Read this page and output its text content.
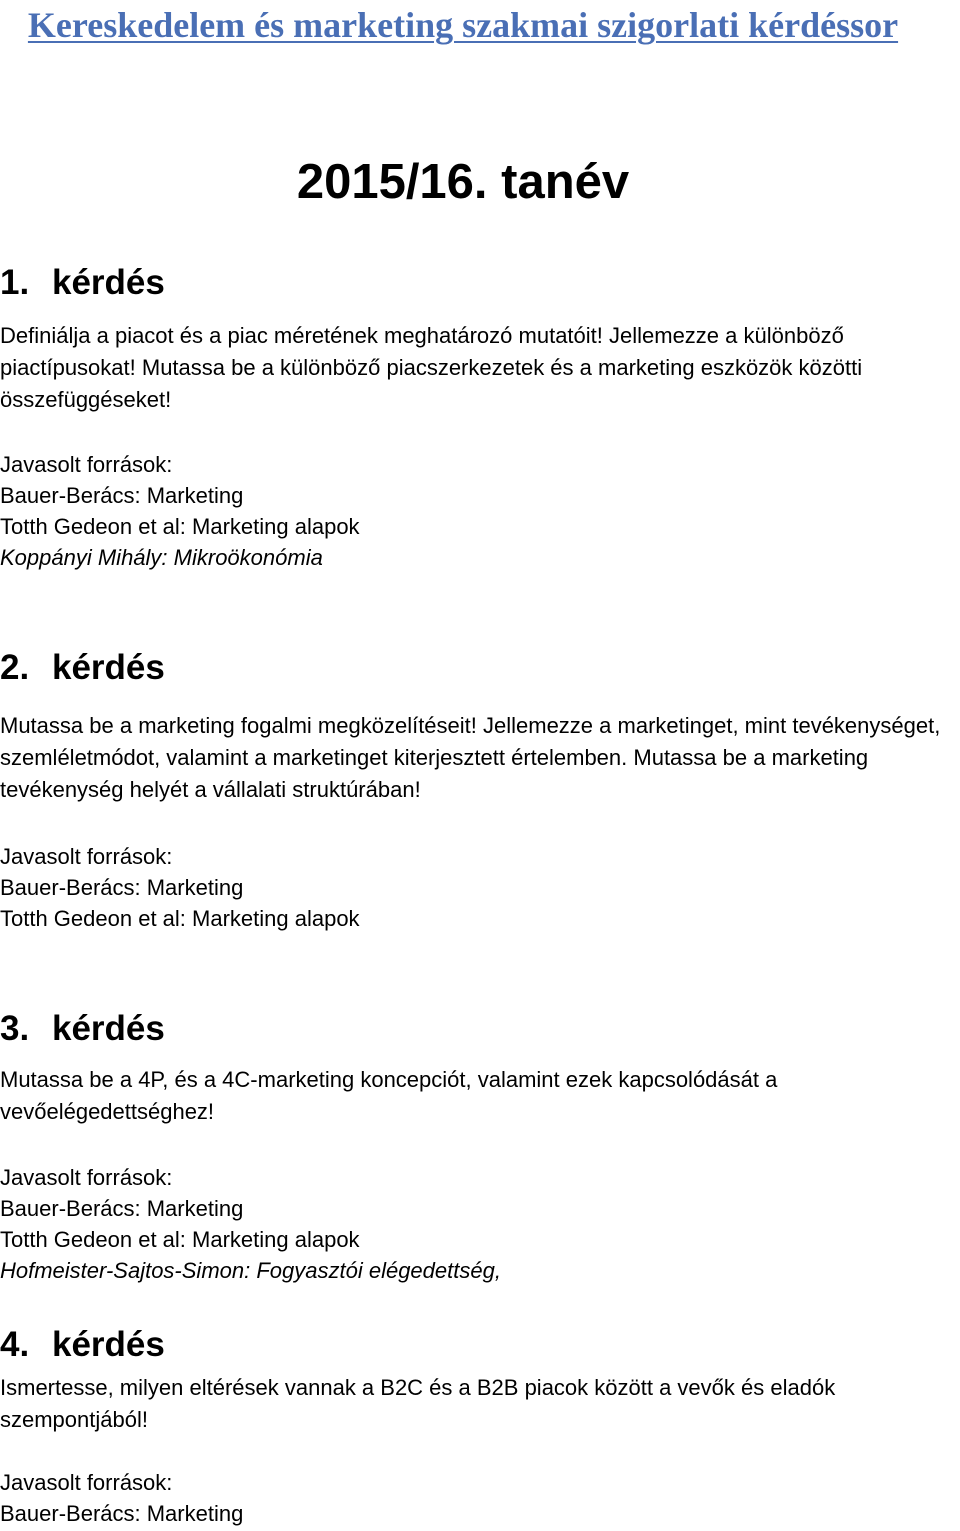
Kereskedelem és marketing szakmai szigorlati kérdéssor
2015/16. tanév
1. kérdés
Definiálja a piacot és a piac méretének meghatározó mutatóit! Jellemezze a különböző piactípusokat! Mutassa be a különböző piacszerkezetek és a marketing eszközök közötti összefüggéseket!
Javasolt források:
Bauer-Berács: Marketing
Totth Gedeon et al: Marketing alapok
Koppányi Mihály: Mikroökonómia
2. kérdés
Mutassa be a marketing fogalmi megközelítéseit! Jellemezze a marketinget, mint tevékenységet, szemléletmódot, valamint a marketinget kiterjesztett értelemben. Mutassa be a marketing tevékenység helyét a vállalati struktúrában!
Javasolt források:
Bauer-Berács: Marketing
Totth Gedeon et al: Marketing alapok
3. kérdés
Mutassa be a 4P, és a 4C-marketing koncepciót, valamint ezek kapcsolódását a vevőelégedettséghez!
Javasolt források:
Bauer-Berács: Marketing
Totth Gedeon et al: Marketing alapok
Hofmeister-Sajtos-Simon: Fogyasztói elégedettség,
4. kérdés
Ismertesse, milyen eltérések vannak a B2C és a B2B piacok között a vevők és eladók szempontjából!
Javasolt források:
Bauer-Berács: Marketing
